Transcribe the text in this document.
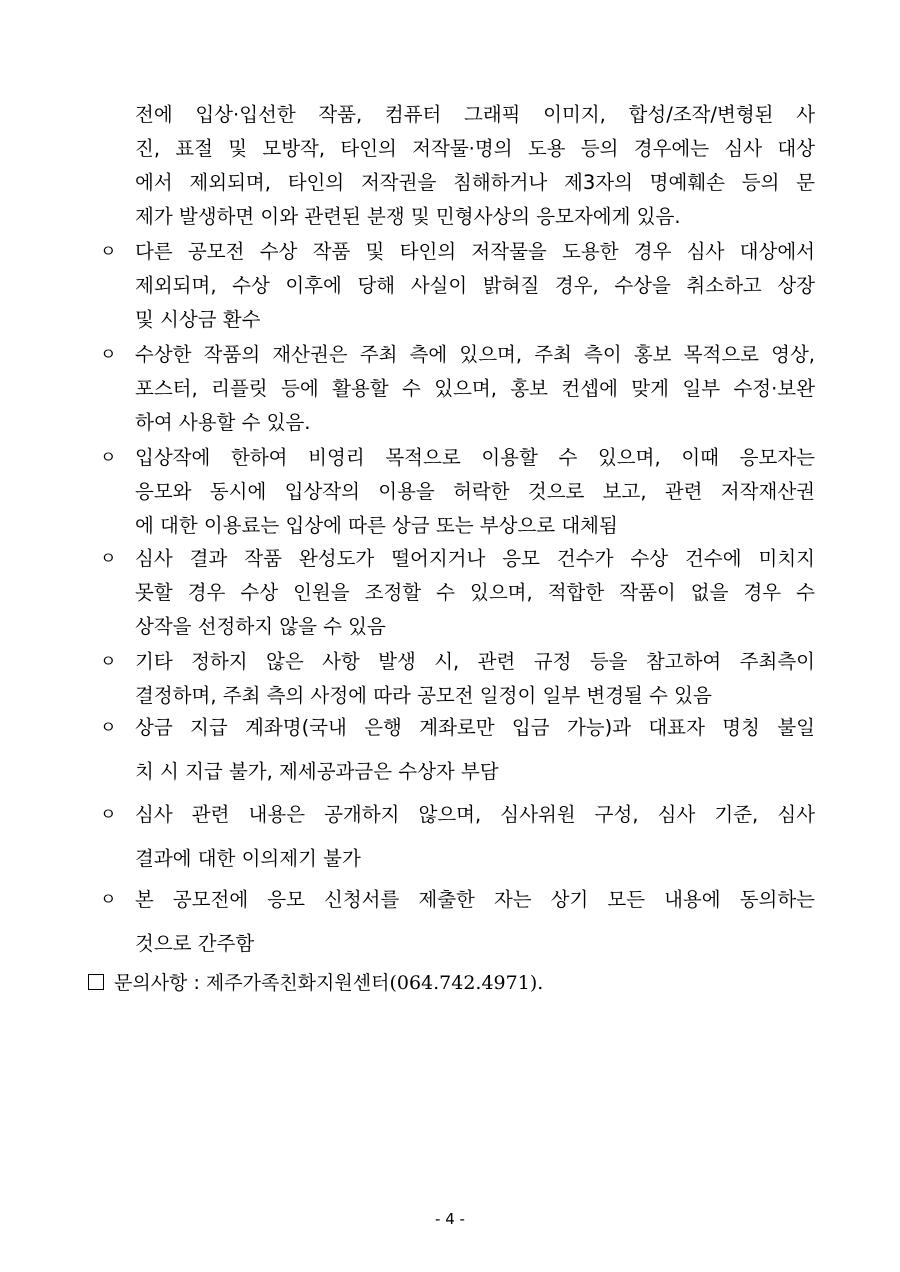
전에 입상·입선한 작품, 컴퓨터 그래픽 이미지, 합성/조작/변형된 사
진, 표절 및 모방작, 타인의 저작물·명의 도용 등의 경우에는 심사 대상
에서 제외되며, 타인의 저작권을 침해하거나 제3자의 명예훼손 등의 문
제가 발생하면 이와 관련된 분쟁 및 민형사상의 응모자에게 있음.
ㅇ 다른 공모전 수상 작품 및 타인의 저작물을 도용한 경우 심사 대상에서
제외되며, 수상 이후에 당해 사실이 밝혀질 경우, 수상을 취소하고 상장
및 시상금 환수
ㅇ 수상한 작품의 재산권은 주최 측에 있으며, 주최 측이 홍보 목적으로 영상,
포스터, 리플릿 등에 활용할 수 있으며, 홍보 컨셉에 맞게 일부 수정·보완
하여 사용할 수 있음.
ㅇ 입상작에 한하여 비영리 목적으로 이용할 수 있으며, 이때 응모자는
응모와 동시에 입상작의 이용을 허락한 것으로 보고, 관련 저작재산권
에 대한 이용료는 입상에 따른 상금 또는 부상으로 대체됨
ㅇ 심사 결과 작품 완성도가 떨어지거나 응모 건수가 수상 건수에 미치지
못할 경우 수상 인원을 조정할 수 있으며, 적합한 작품이 없을 경우 수
상작을 선정하지 않을 수 있음
ㅇ 기타 정하지 않은 사항 발생 시, 관련 규정 등을 참고하여 주최측이
결정하며, 주최 측의 사정에 따라 공모전 일정이 일부 변경될 수 있음
ㅇ 상금 지급 계좌명(국내 은행 계좌로만 입금 가능)과 대표자 명칭 불일
치 시 지급 불가, 제세공과금은 수상자 부담
ㅇ 심사 관련 내용은 공개하지 않으며, 심사위원 구성, 심사 기준, 심사
결과에 대한 이의제기 불가
ㅇ 본 공모전에 응모 신청서를 제출한 자는 상기 모든 내용에 동의하는
것으로 간주함
문의사항 : 제주가족친화지원센터(064.742.4971).
- 4 -
